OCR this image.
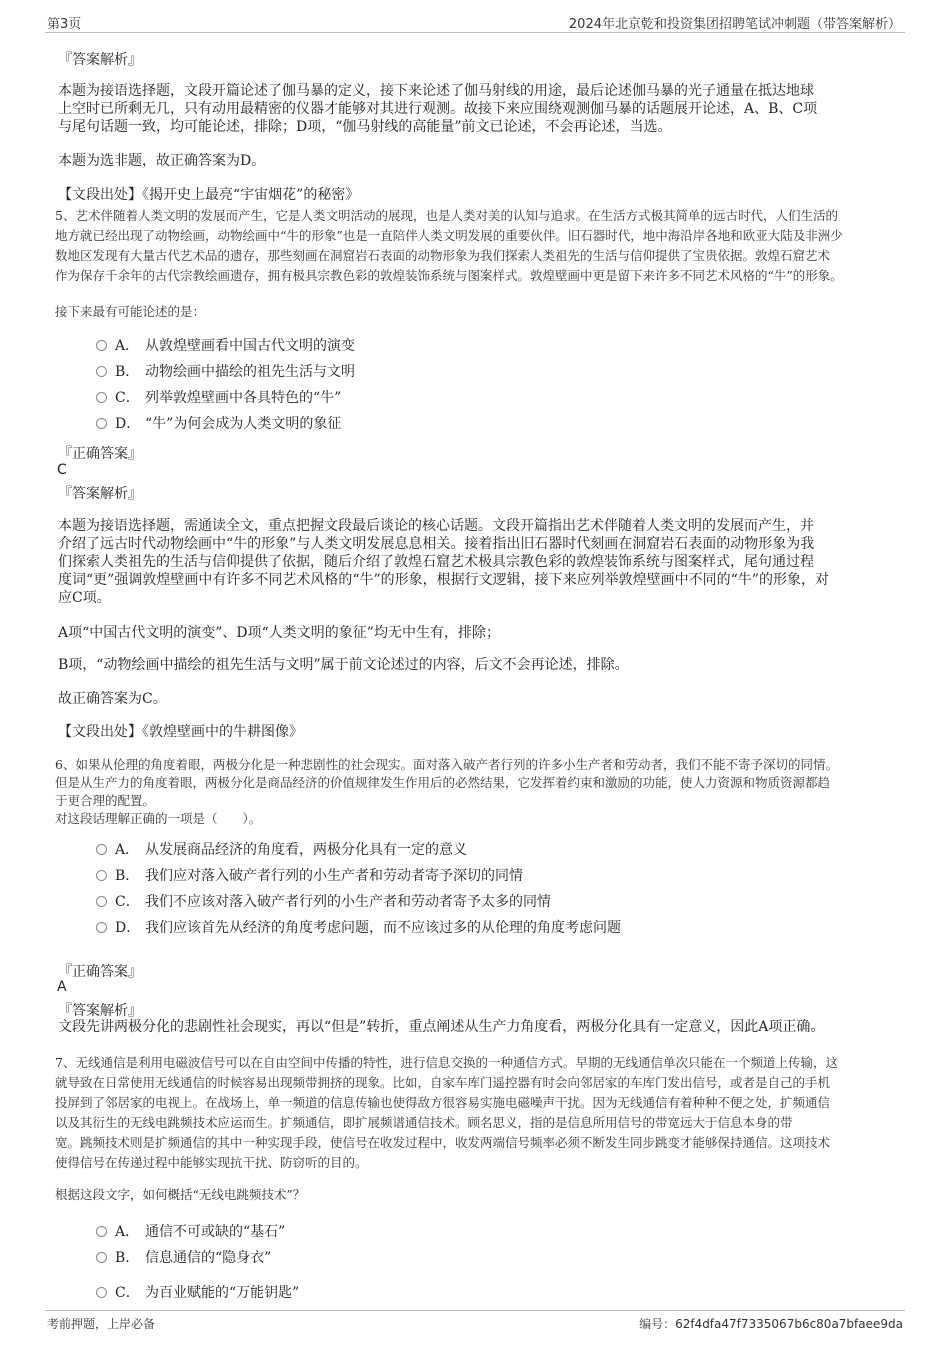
第3页	2024年北京乾和投资集团招聘笔试冲刺题（带答案解析）
『答案解析』
本题为接语选择题，文段开篇论述了伽马暴的定义，接下来论述了伽马射线的用途，最后论述伽马暴的光子通量在抵达地球
上空时已所剩无几，只有动用最精密的仪器才能够对其进行观测。故接下来应围绕观测伽马暴的话题展开论述，A、B、C项
与尾句话题一致，均可能论述，排除；D项，“伽马射线的高能量”前文已论述，不会再论述，当选。
本题为选非题，故正确答案为D。
【文段出处】《揭开史上最亮“宇宙烟花”的秘密》
5、艺术伴随着人类文明的发展而产生，它是人类文明活动的展现，也是人类对美的认知与追求。在生活方式极其简单的远古时代，人们生活的
地方就已经出现了动物绘画，动物绘画中“牛的形象”也是一直陪伴人类文明发展的重要伙伴。旧石器时代，地中海沿岸各地和欧亚大陆及非洲少
数地区发现有大量古代艺术品的遗存，那些刻画在洞窟岩石表面的动物形象为我们探索人类祖先的生活与信仰提供了宝贵依据。敦煌石窟艺术
作为保存千余年的古代宗教绘画遗存，拥有极具宗教色彩的敦煌装饰系统与图案样式。敦煌壁画中更是留下来许多不同艺术风格的“牛”的形象。
接下来最有可能论述的是：
A． 从敦煌壁画看中国古代文明的演变
B． 动物绘画中描绘的祖先生活与文明
C． 列举敦煌壁画中各具特色的“牛”
D． “牛”为何会成为人类文明的象征
『正确答案』
C
『答案解析』
本题为接语选择题，需通读全文，重点把握文段最后谈论的核心话题。文段开篇指出艺术伴随着人类文明的发展而产生，并
介绍了远古时代动物绘画中“牛的形象”与人类文明发展息息相关。接着指出旧石器时代刻画在洞窟岩石表面的动物形象为我
们探索人类祖先的生活与信仰提供了依据，随后介绍了敦煌石窟艺术极具宗教色彩的敦煌装饰系统与图案样式，尾句通过程
度词“更”强调敦煌壁画中有许多不同艺术风格的“牛”的形象，根据行文逻辑，接下来应列举敦煌壁画中不同的“牛”的形象，对
应C项。
A项“中国古代文明的演变”、D项“人类文明的象征”均无中生有，排除；
B项，“动物绘画中描绘的祖先生活与文明”属于前文论述过的内容，后文不会再论述，排除。
故正确答案为C。
【文段出处】《敦煌壁画中的牛耕图像》
6、如果从伦理的角度着眼，两极分化是一种悲剧性的社会现实。面对落入破产者行列的许多小生产者和劳动者，我们不能不寄予深切的同情。
但是从生产力的角度着眼，两极分化是商品经济的价值规律发生作用后的必然结果，它发挥着约束和激励的功能，使人力资源和物质资源都趋
于更合理的配置。
对这段话理解正确的一项是（　　）。
A． 从发展商品经济的角度看，两极分化具有一定的意义
B． 我们应对落入破产者行列的小生产者和劳动者寄予深切的同情
C． 我们不应该对落入破产者行列的小生产者和劳动者寄予太多的同情
D． 我们应该首先从经济的角度考虑问题，而不应该过多的从伦理的角度考虑问题
『正确答案』
A
『答案解析』
文段先讲两极分化的悲剧性社会现实，再以“但是”转折，重点阐述从生产力角度看，两极分化具有一定意义，因此A项正确。
7、无线通信是利用电磁波信号可以在自由空间中传播的特性，进行信息交换的一种通信方式。早期的无线通信单次只能在一个频道上传输，这
就导致在日常使用无线通信的时候容易出现频带拥挤的现象。比如，自家车库门遥控器有时会向邻居家的车库门发出信号，或者是自己的手机
投屏到了邻居家的电视上。在战场上，单一频道的信息传输也使得敌方很容易实施电磁噪声干扰。因为无线通信有着种种不便之处，扩频通信
以及其衍生的无线电跳频技术应运而生。扩频通信，即扩展频谱通信技术。顾名思义，指的是信息所用信号的带宽远大于信息本身的带
宽。跳频技术则是扩频通信的其中一种实现手段，使信号在收发过程中，收发两端信号频率必须不断发生同步跳变才能够保持通信。这项技术
使得信号在传递过程中能够实现抗干扰、防窃听的目的。
根据这段文字，如何概括“无线电跳频技术”？
A． 通信不可或缺的“基石”
B． 信息通信的“隐身衣”
C． 为百业赋能的“万能钥匙”
考前押题，上岸必备	编号：62f4dfa47f7335067b6c80a7bfaee9da
